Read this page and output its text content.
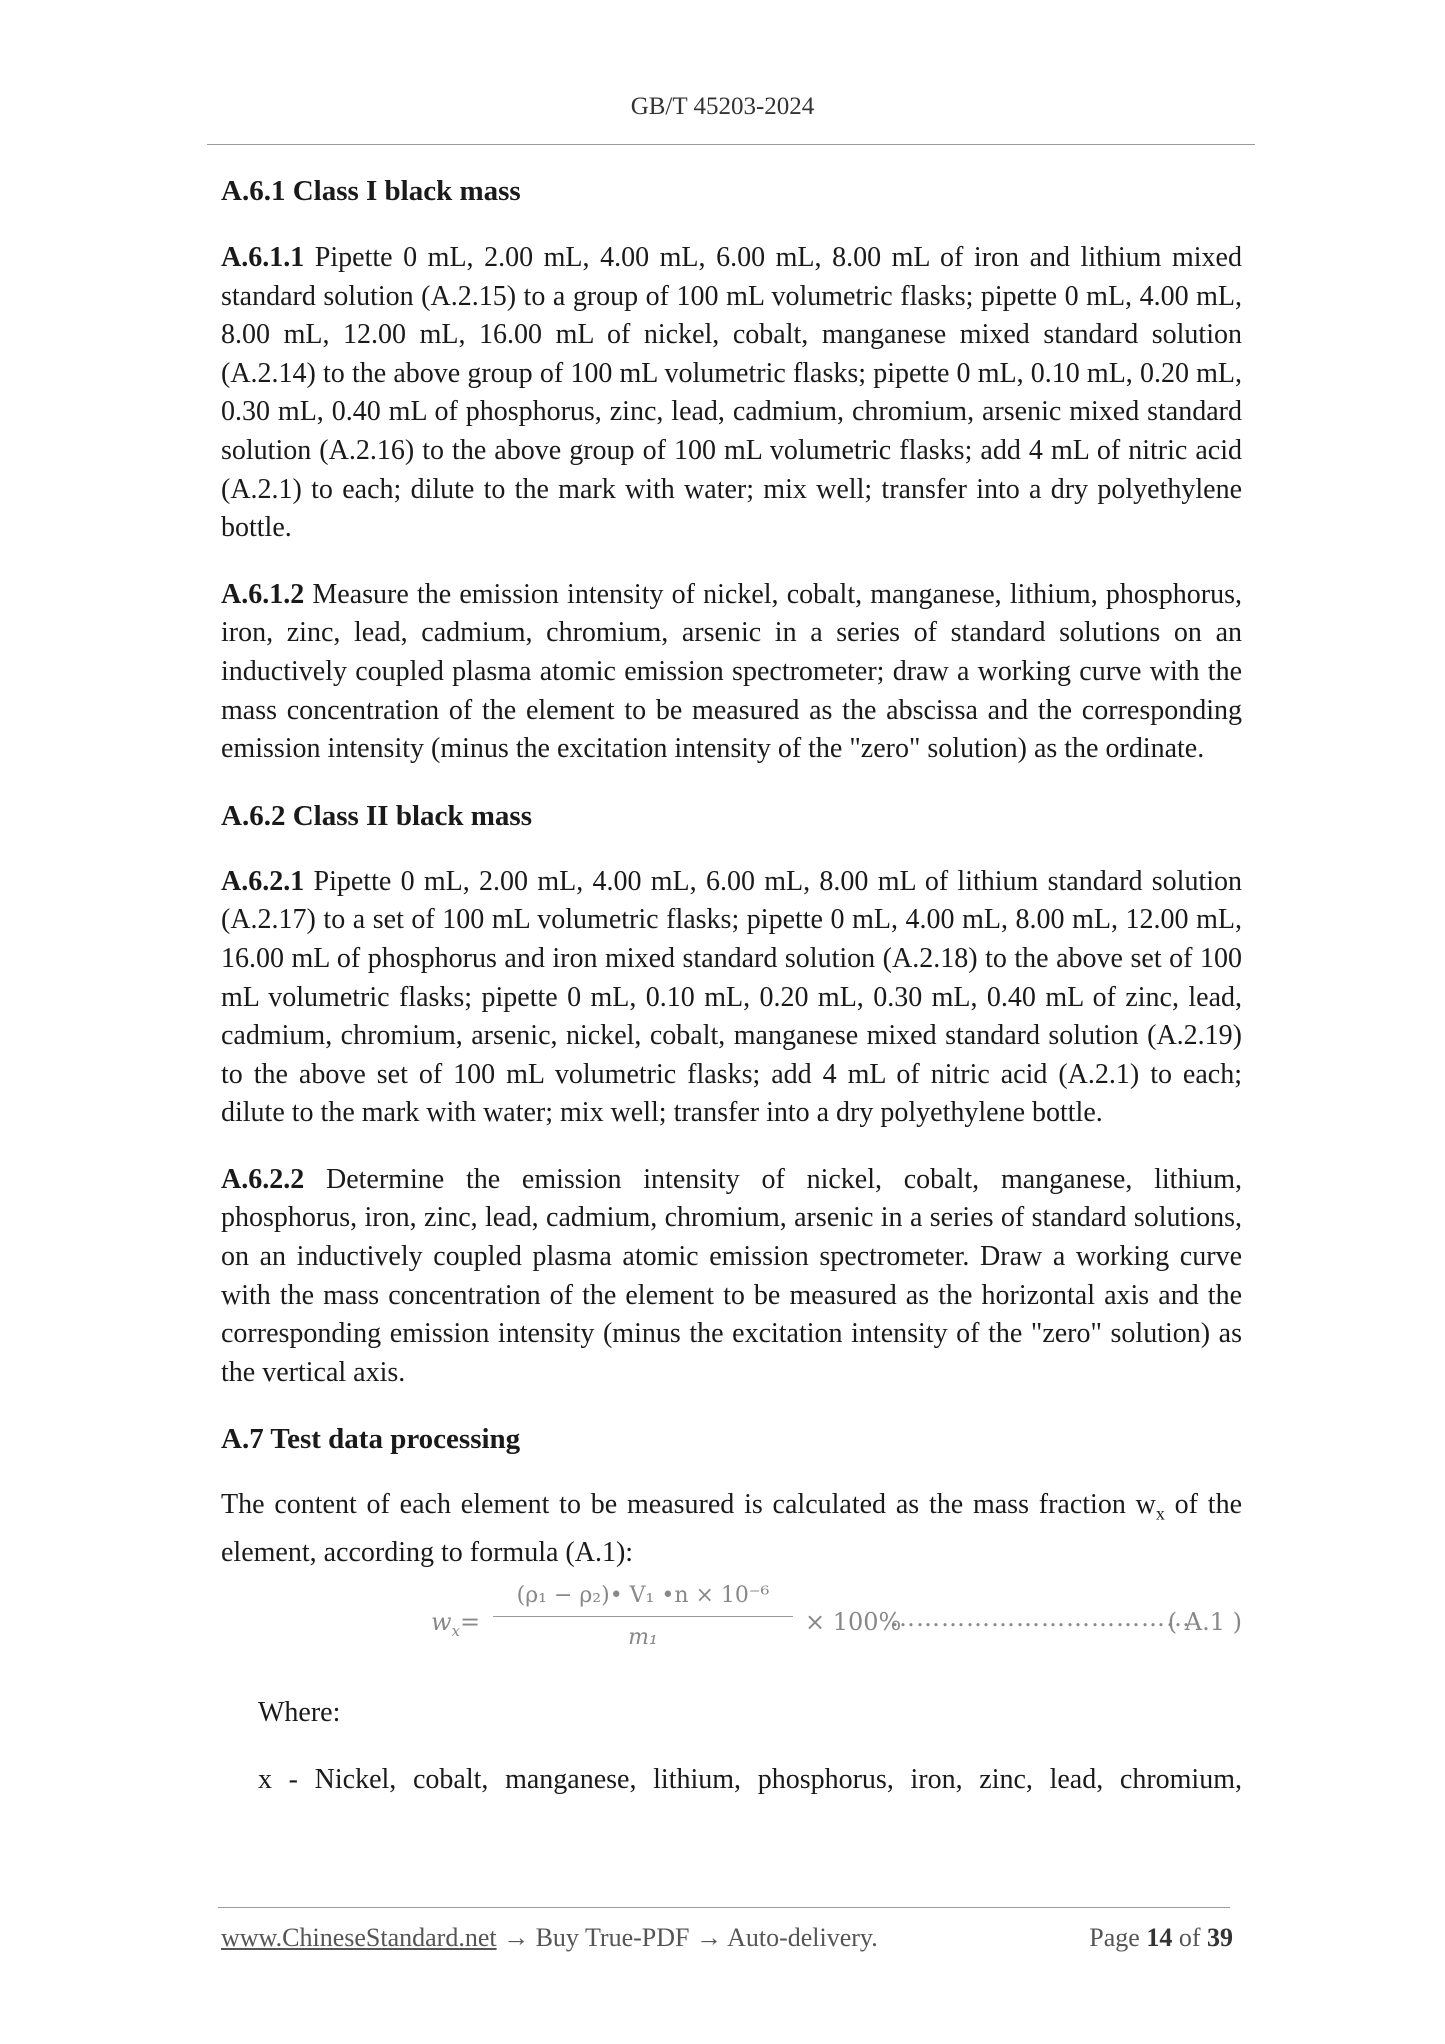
GB/T 45203-2024
A.6.1 Class I black mass

A.6.1.1 Pipette 0 mL, 2.00 mL, 4.00 mL, 6.00 mL, 8.00 mL of iron and lithium mixed standard solution (A.2.15) to a group of 100 mL volumetric flasks; pipette 0 mL, 4.00 mL, 8.00 mL, 12.00 mL, 16.00 mL of nickel, cobalt, manganese mixed standard solution (A.2.14) to the above group of 100 mL volumetric flasks; pipette 0 mL, 0.10 mL, 0.20 mL, 0.30 mL, 0.40 mL of phosphorus, zinc, lead, cadmium, chromium, arsenic mixed standard solution (A.2.16) to the above group of 100 mL volumetric flasks; add 4 mL of nitric acid (A.2.1) to each; dilute to the mark with water; mix well; transfer into a dry polyethylene bottle.

A.6.1.2 Measure the emission intensity of nickel, cobalt, manganese, lithium, phosphorus, iron, zinc, lead, cadmium, chromium, arsenic in a series of standard solutions on an inductively coupled plasma atomic emission spectrometer; draw a working curve with the mass concentration of the element to be measured as the abscissa and the corresponding emission intensity (minus the excitation intensity of the "zero" solution) as the ordinate.

A.6.2 Class II black mass

A.6.2.1 Pipette 0 mL, 2.00 mL, 4.00 mL, 6.00 mL, 8.00 mL of lithium standard solution (A.2.17) to a set of 100 mL volumetric flasks; pipette 0 mL, 4.00 mL, 8.00 mL, 12.00 mL, 16.00 mL of phosphorus and iron mixed standard solution (A.2.18) to the above set of 100 mL volumetric flasks; pipette 0 mL, 0.10 mL, 0.20 mL, 0.30 mL, 0.40 mL of zinc, lead, cadmium, chromium, arsenic, nickel, cobalt, manganese mixed standard solution (A.2.19) to the above set of 100 mL volumetric flasks; add 4 mL of nitric acid (A.2.1) to each; dilute to the mark with water; mix well; transfer into a dry polyethylene bottle.

A.6.2.2 Determine the emission intensity of nickel, cobalt, manganese, lithium, phosphorus, iron, zinc, lead, cadmium, chromium, arsenic in a series of standard solutions, on an inductively coupled plasma atomic emission spectrometer. Draw a working curve with the mass concentration of the element to be measured as the horizontal axis and the corresponding emission intensity (minus the excitation intensity of the "zero" solution) as the vertical axis.

A.7 Test data processing

The content of each element to be measured is calculated as the mass fraction $w_x$ of the element, according to formula (A.1):

$w_x=$
(ρ₁ − ρ₂)• V₁ •n × 10⁻⁶
m₁
× 100%
………………………………
( A.1 )
Where:
x - Nickel, cobalt, manganese, lithium, phosphorus, iron, zinc, lead, chromium,
www.ChineseStandard.net → Buy True-PDF → Auto-delivery.	Page 14 of 39
